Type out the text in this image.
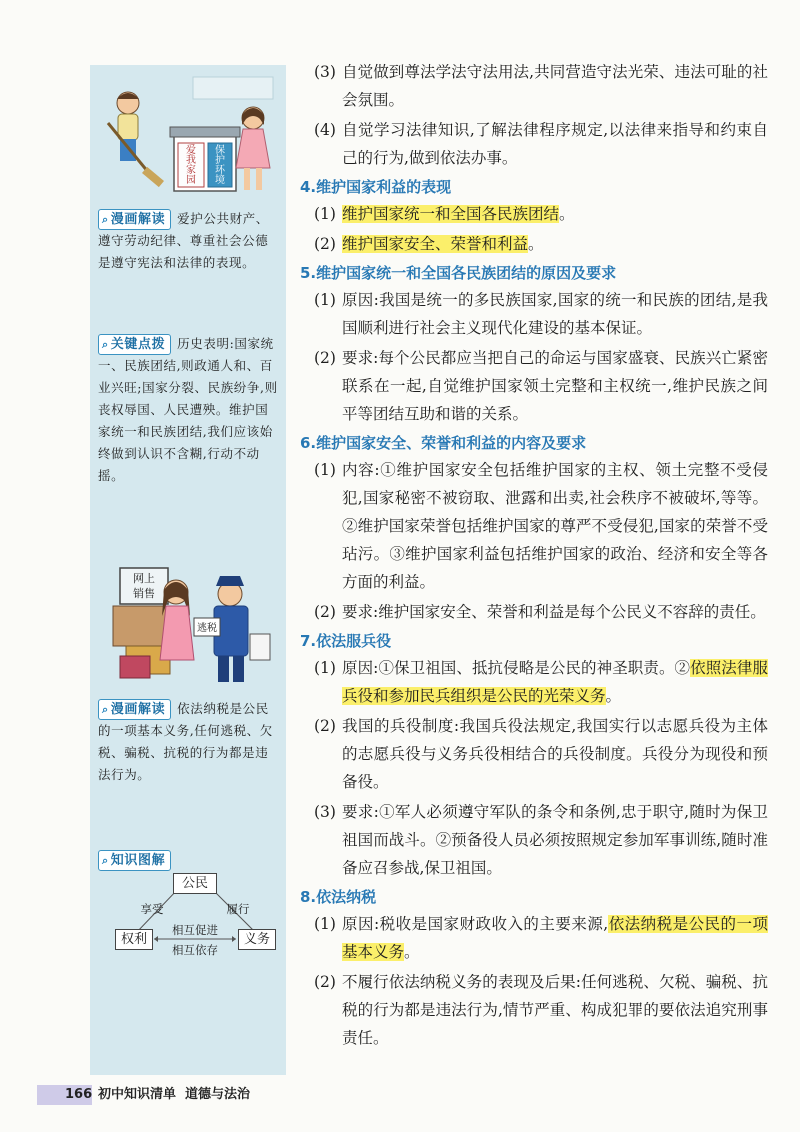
爱我家园
保护环境
⌕ 漫画解读 爱护公共财产、遵守劳动纪律、尊重社会公德是遵守宪法和法律的表现。
⌕ 关键点拨 历史表明:国家统一、民族团结,则政通人和、百业兴旺;国家分裂、民族纷争,则丧权辱国、人民遭殃。维护国家统一和民族团结,我们应该始终做到认识不含糊,行动不动摇。
网上
销售
逃税
⌕ 漫画解读 依法纳税是公民的一项基本义务,任何逃税、欠税、骗税、抗税的行为都是违法行为。
⌕ 知识图解
公民
权利	义务
享受	履行
相互促进
相互依存
(3) 自觉做到尊法学法守法用法,共同营造守法光荣、违法可耻的社会氛围。
(4) 自觉学习法律知识,了解法律程序规定,以法律来指导和约束自己的行为,做到依法办事。
4.维护国家利益的表现
(1) 维护国家统一和全国各民族团结。
(2) 维护国家安全、荣誉和利益。
5.维护国家统一和全国各民族团结的原因及要求
(1) 原因:我国是统一的多民族国家,国家的统一和民族的团结,是我国顺利进行社会主义现代化建设的基本保证。
(2) 要求:每个公民都应当把自己的命运与国家盛衰、民族兴亡紧密联系在一起,自觉维护国家领土完整和主权统一,维护民族之间平等团结互助和谐的关系。
6.维护国家安全、荣誉和利益的内容及要求
(1) 内容:①维护国家安全包括维护国家的主权、领土完整不受侵犯,国家秘密不被窃取、泄露和出卖,社会秩序不被破坏,等等。②维护国家荣誉包括维护国家的尊严不受侵犯,国家的荣誉不受玷污。③维护国家利益包括维护国家的政治、经济和安全等各方面的利益。
(2) 要求:维护国家安全、荣誉和利益是每个公民义不容辞的责任。
7.依法服兵役
(1) 原因:①保卫祖国、抵抗侵略是公民的神圣职责。②依照法律服兵役和参加民兵组织是公民的光荣义务。
(2) 我国的兵役制度:我国兵役法规定,我国实行以志愿兵役为主体的志愿兵役与义务兵役相结合的兵役制度。兵役分为现役和预备役。
(3) 要求:①军人必须遵守军队的条令和条例,忠于职守,随时为保卫祖国而战斗。②预备役人员必须按照规定参加军事训练,随时准备应召参战,保卫祖国。
8.依法纳税
(1) 原因:税收是国家财政收入的主要来源,依法纳税是公民的一项基本义务。
(2) 不履行依法纳税义务的表现及后果:任何逃税、欠税、骗税、抗税的行为都是违法行为,情节严重、构成犯罪的要依法追究刑事责任。
166 初中知识清单  道德与法治
